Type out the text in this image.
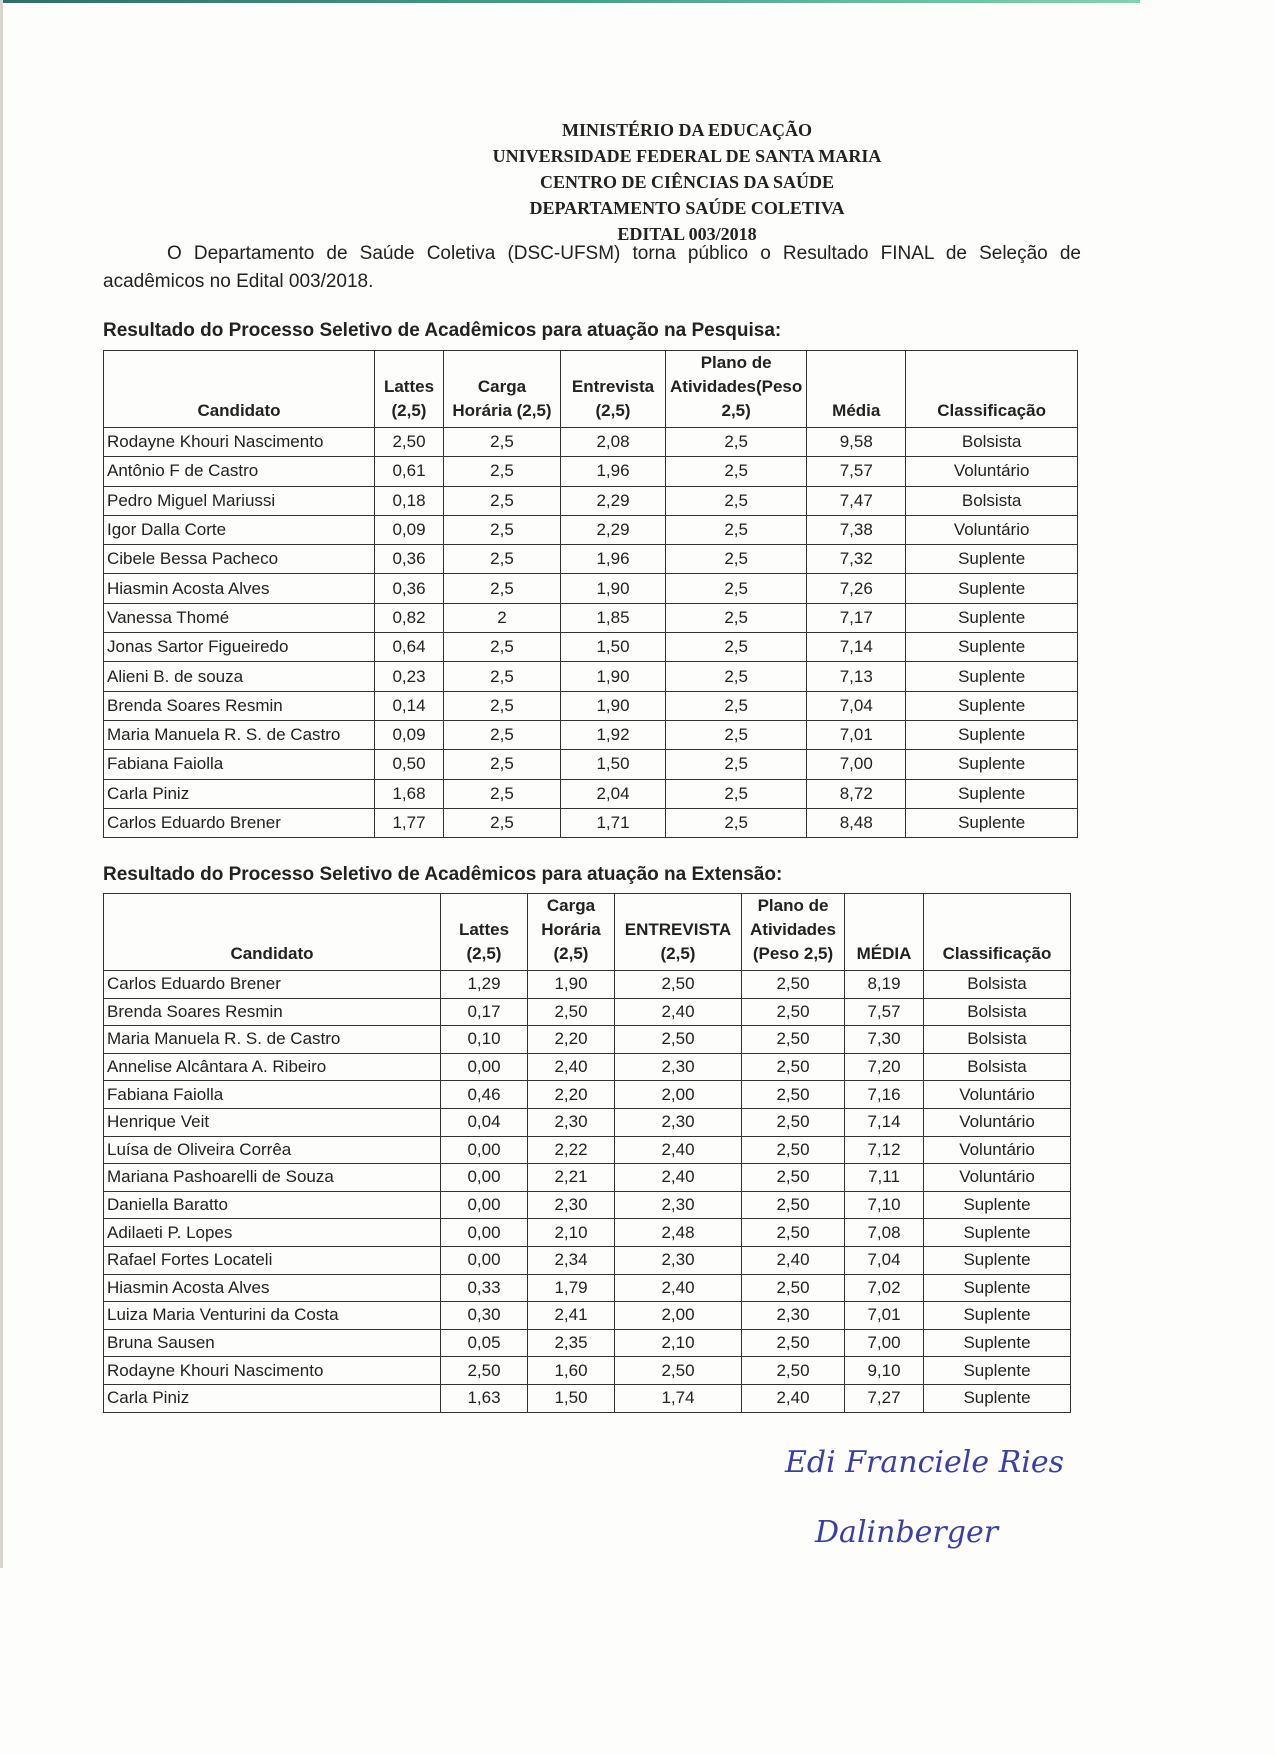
MINISTÉRIO DA EDUCAÇÃO
UNIVERSIDADE FEDERAL DE SANTA MARIA
CENTRO DE CIÊNCIAS DA SAÚDE
DEPARTAMENTO SAÚDE COLETIVA
EDITAL 003/2018
O Departamento de Saúde Coletiva (DSC-UFSM) torna público o Resultado FINAL de Seleção de acadêmicos no Edital 003/2018.
Resultado do Processo Seletivo de Acadêmicos para atuação na Pesquisa:
Candidato	Lattes (2,5)	Carga Horária (2,5)	Entrevista (2,5)	Plano de Atividades(Peso 2,5)	Média	Classificação
Rodayne Khouri Nascimento	2,50	2,5	2,08	2,5	9,58	Bolsista
Antônio F de Castro	0,61	2,5	1,96	2,5	7,57	Voluntário
Pedro Miguel Mariussi	0,18	2,5	2,29	2,5	7,47	Bolsista
Igor Dalla Corte	0,09	2,5	2,29	2,5	7,38	Voluntário
Cibele Bessa Pacheco	0,36	2,5	1,96	2,5	7,32	Suplente
Hiasmin Acosta Alves	0,36	2,5	1,90	2,5	7,26	Suplente
Vanessa Thomé	0,82	2	1,85	2,5	7,17	Suplente
Jonas Sartor Figueiredo	0,64	2,5	1,50	2,5	7,14	Suplente
Alieni B. de souza	0,23	2,5	1,90	2,5	7,13	Suplente
Brenda Soares Resmin	0,14	2,5	1,90	2,5	7,04	Suplente
Maria Manuela R. S. de Castro	0,09	2,5	1,92	2,5	7,01	Suplente
Fabiana Faiolla	0,50	2,5	1,50	2,5	7,00	Suplente
Carla Piniz	1,68	2,5	2,04	2,5	8,72	Suplente
Carlos Eduardo Brener	1,77	2,5	1,71	2,5	8,48	Suplente
Resultado do Processo Seletivo de Acadêmicos para atuação na Extensão:
Candidato	Lattes (2,5)	Carga Horária (2,5)	ENTREVISTA (2,5)	Plano de Atividades (Peso 2,5)	MÉDIA	Classificação
Carlos Eduardo Brener	1,29	1,90	2,50	2,50	8,19	Bolsista
Brenda Soares Resmin	0,17	2,50	2,40	2,50	7,57	Bolsista
Maria Manuela R. S. de Castro	0,10	2,20	2,50	2,50	7,30	Bolsista
Annelise Alcântara A. Ribeiro	0,00	2,40	2,30	2,50	7,20	Bolsista
Fabiana Faiolla	0,46	2,20	2,00	2,50	7,16	Voluntário
Henrique Veit	0,04	2,30	2,30	2,50	7,14	Voluntário
Luísa de Oliveira Corrêa	0,00	2,22	2,40	2,50	7,12	Voluntário
Mariana Pashoarelli de Souza	0,00	2,21	2,40	2,50	7,11	Voluntário
Daniella Baratto	0,00	2,30	2,30	2,50	7,10	Suplente
Adilaeti P. Lopes	0,00	2,10	2,48	2,50	7,08	Suplente
Rafael Fortes Locateli	0,00	2,34	2,30	2,40	7,04	Suplente
Hiasmin Acosta Alves	0,33	1,79	2,40	2,50	7,02	Suplente
Luiza Maria Venturini da Costa	0,30	2,41	2,00	2,30	7,01	Suplente
Bruna Sausen	0,05	2,35	2,10	2,50	7,00	Suplente
Rodayne Khouri Nascimento	2,50	1,60	2,50	2,50	9,10	Suplente
Carla Piniz	1,63	1,50	1,74	2,40	7,27	Suplente
Edi Franciele Ries
Dalinberger
